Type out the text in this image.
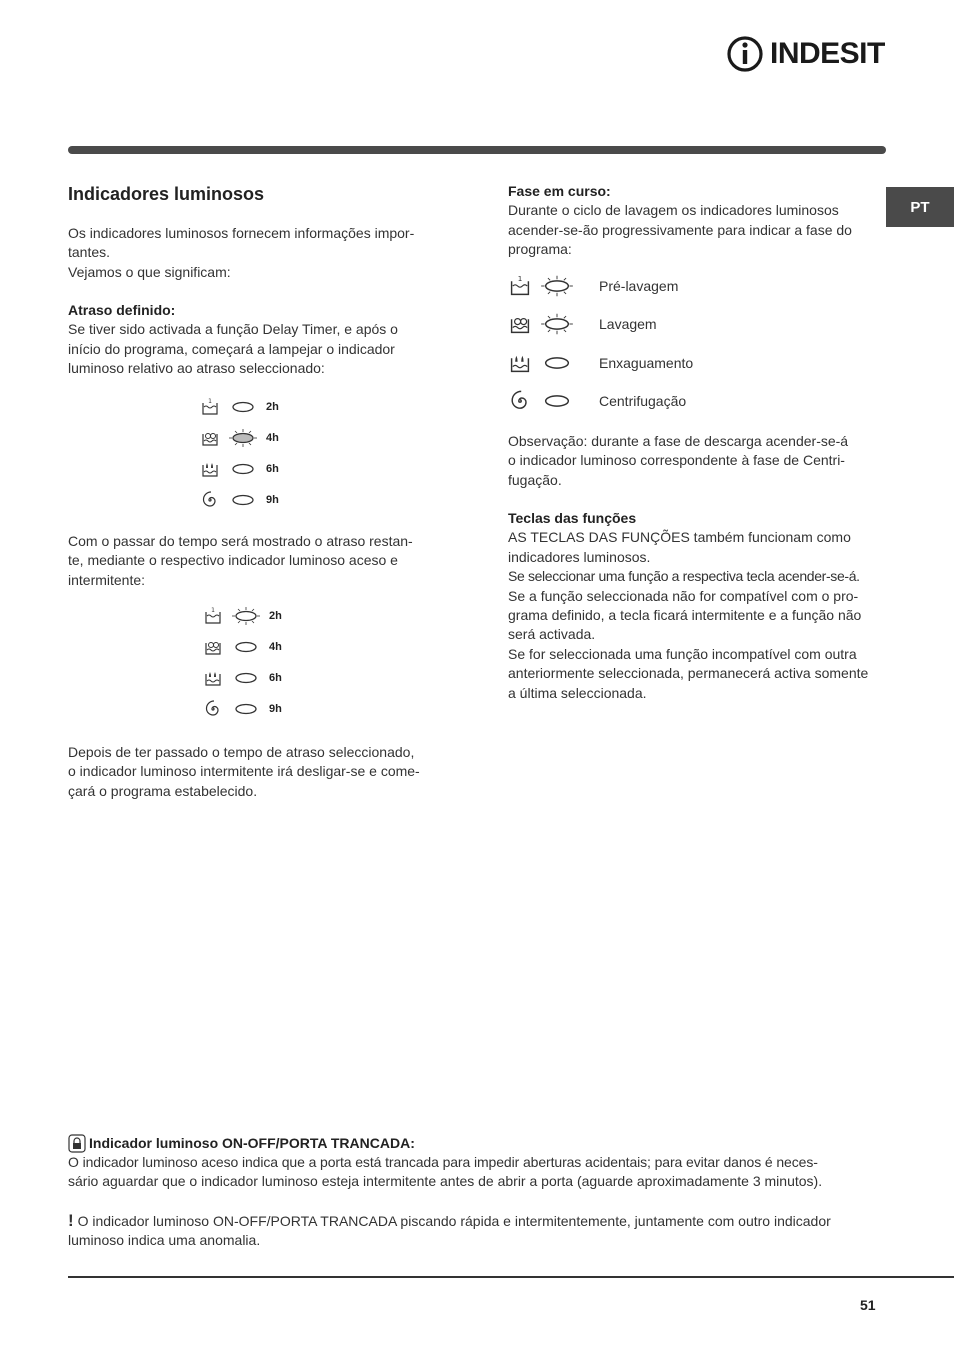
INDESIT
PT
Indicadores luminosos
Os indicadores luminosos fornecem informações impor-
tantes.
Vejamos o que significam:
Atraso definido:
Se tiver sido activada a função Delay Timer, e após o
início do programa, começará a lampejar o indicador
luminoso relativo ao atraso seleccionado:
1	2h
4h
6h
9h
Com o passar do tempo será mostrado o atraso restan-
te, mediante o respectivo indicador luminoso aceso e
intermitente:
1	2h
4h
6h
9h
Depois de ter passado o tempo de atraso seleccionado,
o indicador luminoso intermitente irá desligar-se e come-
çará o programa estabelecido.
Fase em curso:
Durante o ciclo de lavagem os indicadores luminosos
acender-se-ão progressivamente para indicar a fase do
programa:
1	Pré-lavagem
Lavagem
Enxaguamento
Centrifugação
Observação: durante a fase de descarga acender-se-á
o indicador luminoso correspondente à fase de Centri-
fugação.
Teclas das funções
AS TECLAS DAS FUNÇÕES também funcionam como
indicadores luminosos.
Se seleccionar uma função a respectiva tecla acender-se-á.
Se a função seleccionada não for compatível com o pro-
grama definido, a tecla ficará intermitente e a função não
será activada.
Se for seleccionada uma função incompatível com outra
anteriormente seleccionada, permanecerá activa somente
a última seleccionada.
Indicador luminoso ON-OFF/PORTA TRANCADA:
O indicador luminoso aceso indica que a porta está trancada para impedir aberturas acidentais; para evitar danos é neces-
sário aguardar que o indicador luminoso esteja intermitente antes de abrir a porta (aguarde aproximadamente 3 minutos).
! O indicador luminoso ON-OFF/PORTA TRANCADA piscando rápida e intermitentemente, juntamente com outro indicador
luminoso indica uma anomalia.
51
